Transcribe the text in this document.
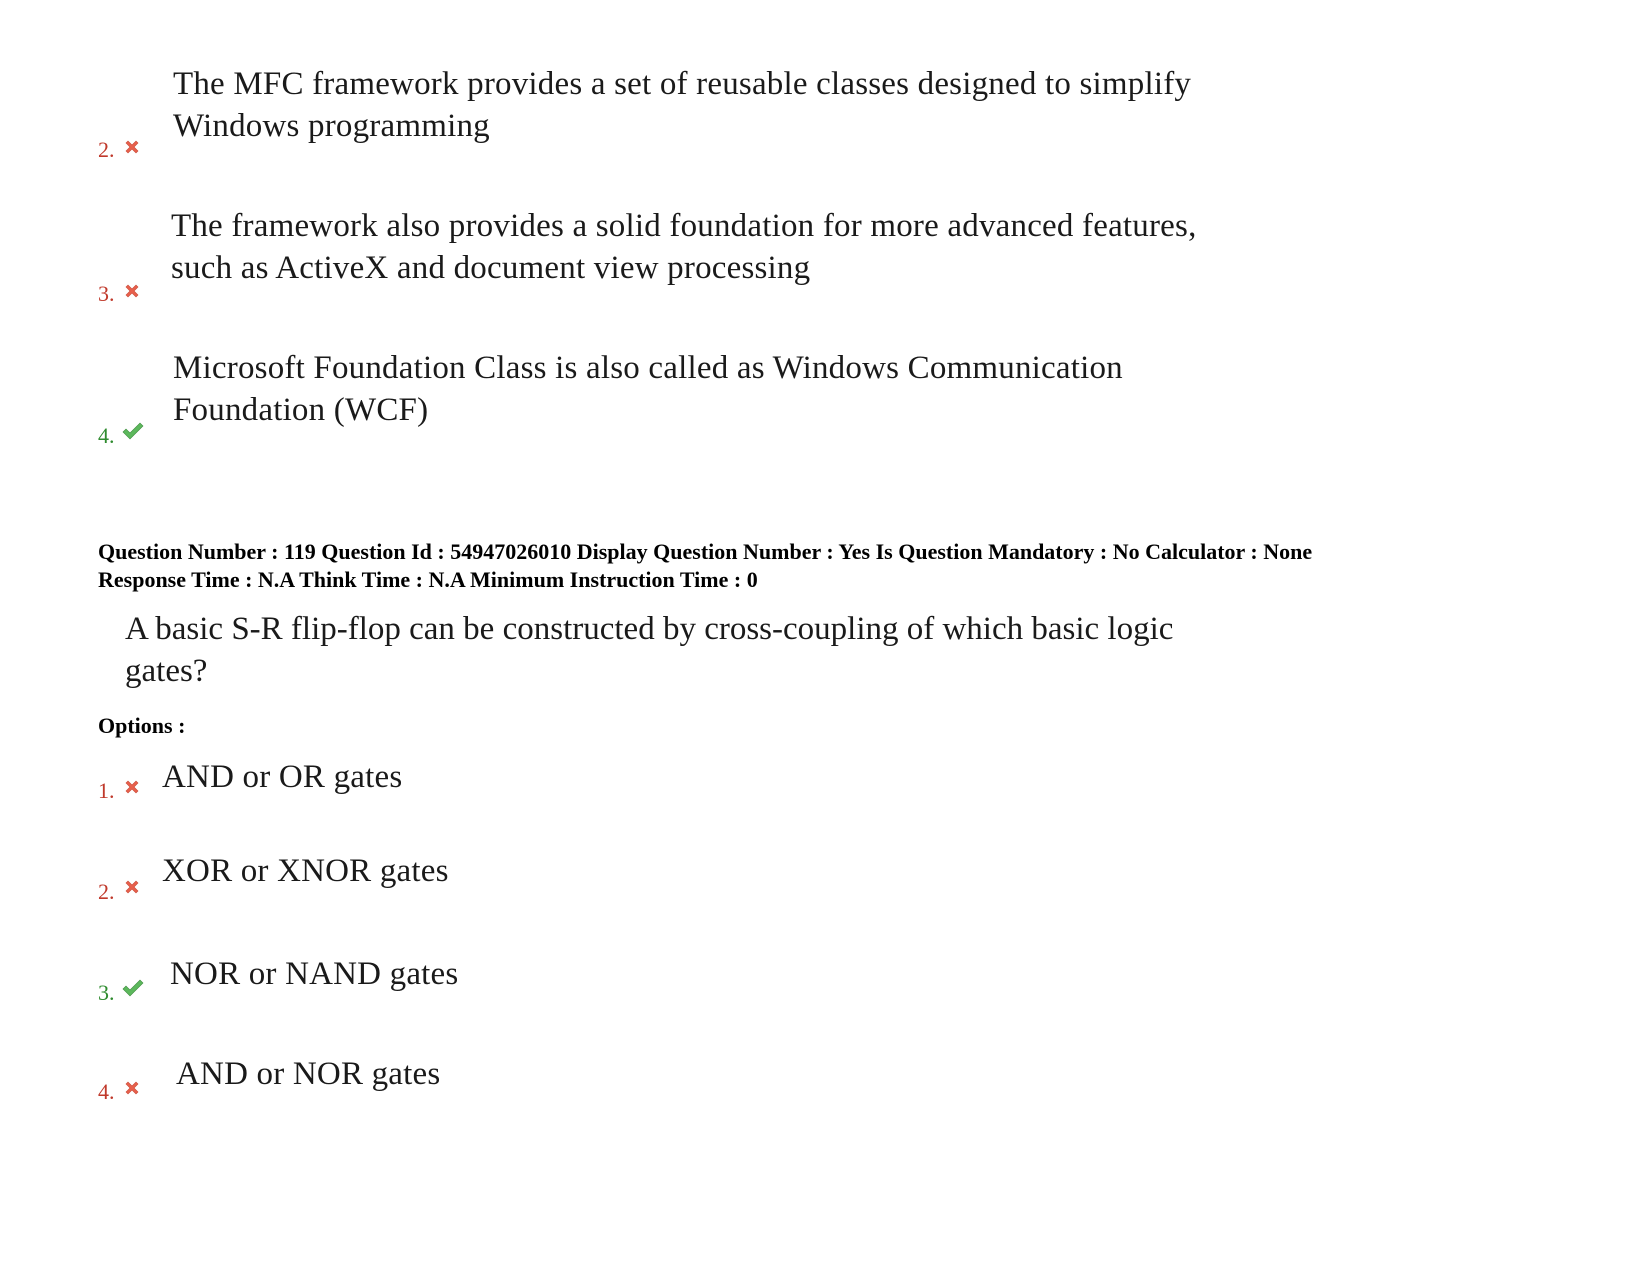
The MFC framework provides a set of reusable classes designed to simplify
Windows programming
2.
The framework also provides a solid foundation for more advanced features,
such as ActiveX and document view processing
3.
Microsoft Foundation Class is also called as Windows Communication
Foundation (WCF)
4.
Question Number : 119 Question Id : 54947026010 Display Question Number : Yes Is Question Mandatory : No Calculator : None
Response Time : N.A Think Time : N.A Minimum Instruction Time : 0
A basic S-R flip-flop can be constructed by cross-coupling of which basic logic
gates?
Options :
AND or OR gates
1.
XOR or XNOR gates
2.
NOR or NAND gates
3.
AND or NOR gates
4.
